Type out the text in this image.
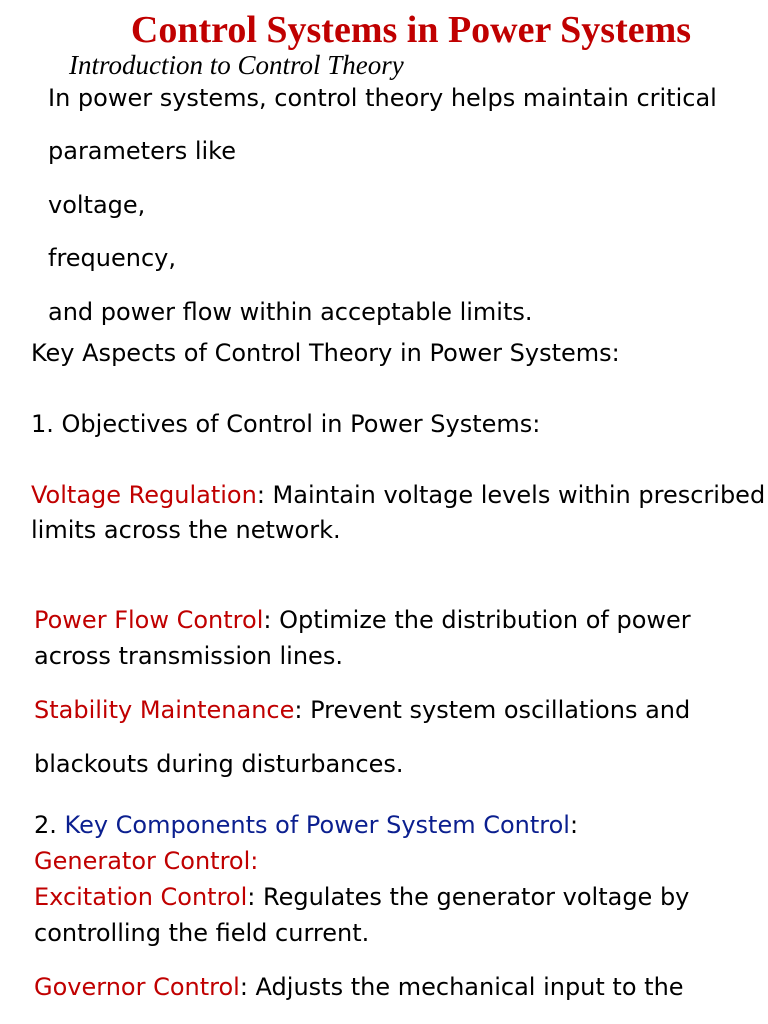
Control Systems in Power Systems
Introduction to Control Theory
In power systems, control theory helps maintain critical
parameters like
voltage,
frequency,
and power flow within acceptable limits.
Key Aspects of Control Theory in Power Systems:
1. Objectives of Control in Power Systems:
Voltage Regulation: Maintain voltage levels within prescribed
limits across the network.
Power Flow Control: Optimize the distribution of power
across transmission lines.
Stability Maintenance: Prevent system oscillations and
blackouts during disturbances.
2. Key Components of Power System Control:
Generator Control:
Excitation Control: Regulates the generator voltage by
controlling the field current.
Governor Control: Adjusts the mechanical input to the
